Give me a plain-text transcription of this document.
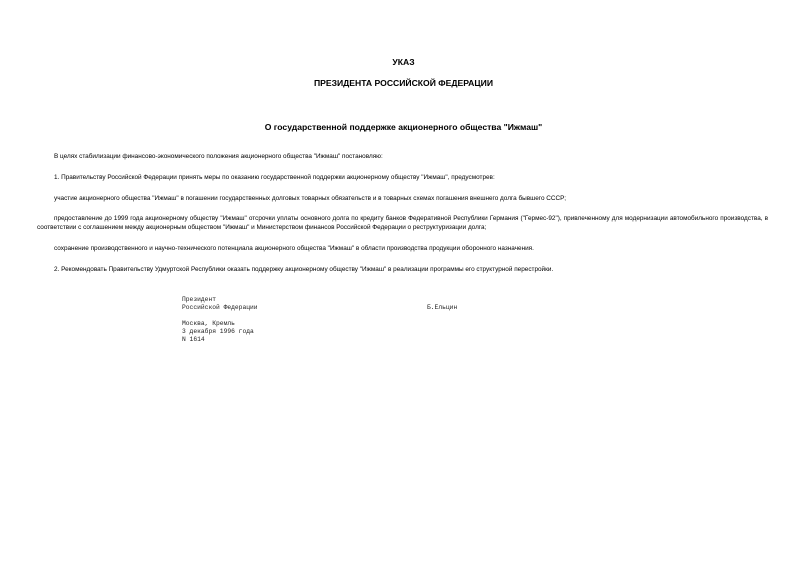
УКАЗ
ПРЕЗИДЕНТА РОССИЙСКОЙ ФЕДЕРАЦИИ
О государственной поддержке акционерного общества "Ижмаш"
В целях стабилизации финансово-экономического положения акционерного общества "Ижмаш" постановляю:
1. Правительству Российской Федерации принять меры по оказанию государственной поддержки акционерному обществу "Ижмаш", предусмотрев:
участие акционерного общества "Ижмаш" в погашении государственных долговых товарных обязательств и в товарных схемах погашения внешнего долга бывшего СССР;
предоставление до 1999 года акционерному обществу "Ижмаш" отсрочки уплаты основного долга по кредиту банков Федеративной Республики Германия ("Гермес-92"), привлеченному для модернизации автомобильного производства, в соответствии с соглашением между акционерным обществом "Ижмаш" и Министерством финансов Российской Федерации о реструктуризации долга;
сохранение производственного и научно-технического потенциала акционерного общества "Ижмаш" в области производства продукции оборонного назначения.
2. Рекомендовать Правительству Удмуртской Республики оказать поддержку акционерному обществу "Ижмаш" в реализации программы его структурной перестройки.
Президент
Российской Федерации	Б.Ельцин
Москва, Кремль
3 декабря 1996 года
N 1614
